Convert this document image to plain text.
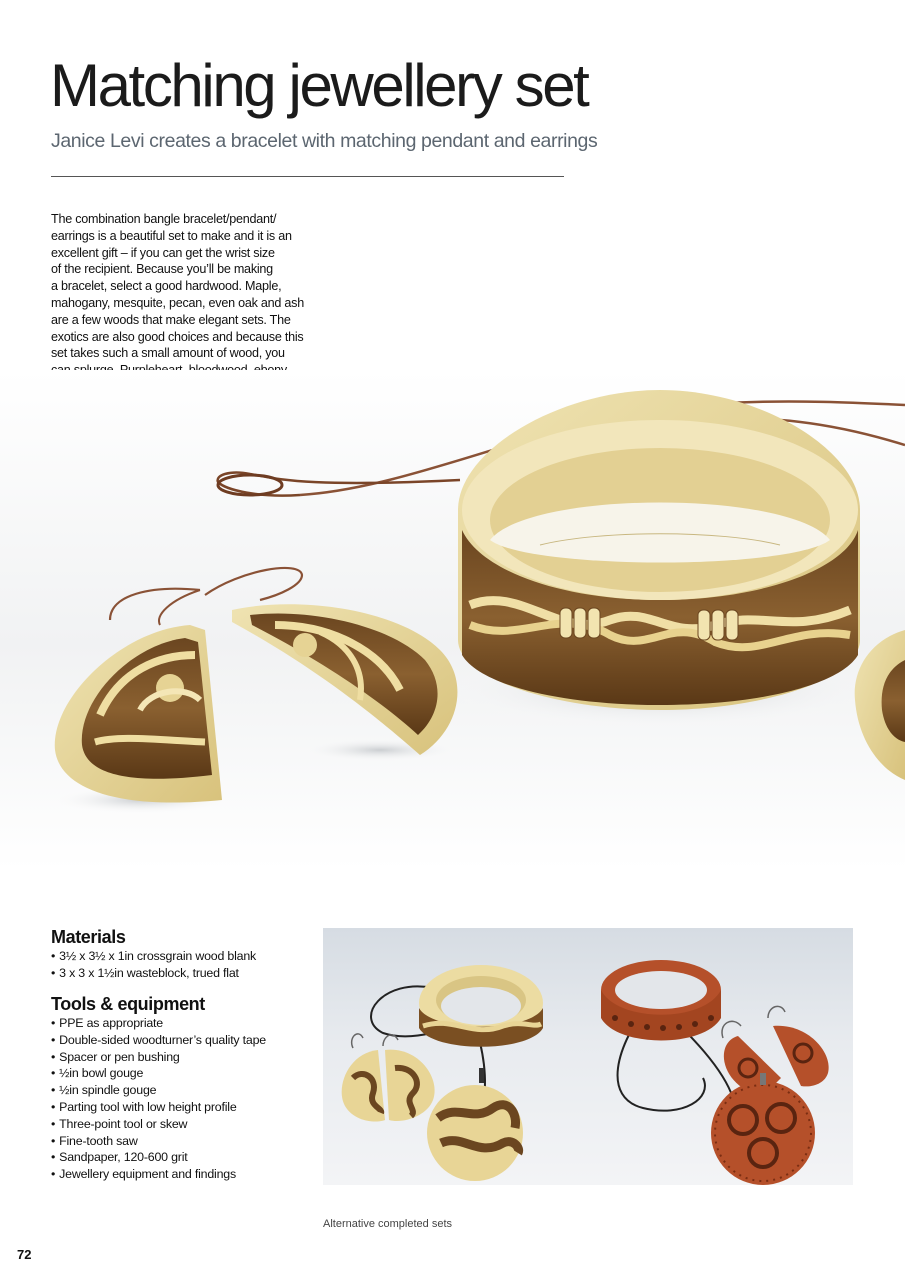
Matching jewellery set
Janice Levi creates a bracelet with matching pendant and earrings
The combination bangle bracelet/pendant/
earrings is a beautiful set to make and it is an
excellent gift – if you can get the wrist size
of the recipient. Because you’ll be making
a bracelet, select a good hardwood. Maple,
mahogany, mesquite, pecan, even oak and ash
are a few woods that make elegant sets. The
exotics are also good choices and because this
set takes such a small amount of wood, you
Materials
• 3½ x 3½ x 1in crossgrain wood blank
• 3 x 3 x 1½in wasteblock, trued flat
Tools & equipment
• PPE as appropriate
• Double-sided woodturner’s quality tape
• Spacer or pen bushing
• ½in bowl gouge
• ½in spindle gouge
• Parting tool with low height profile
• Three-point tool or skew
• Fine-tooth saw
• Sandpaper, 120-600 grit
• Jewellery equipment and findings
Alternative completed sets
72
